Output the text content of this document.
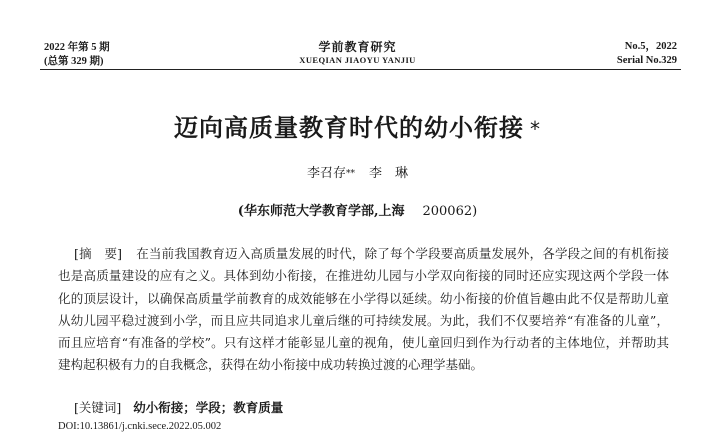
2022 年第 5 期
(总第 329 期)
学前教育研究
XUEQIAN JIAOYU YANJIU
No.5，2022
Serial No.329
迈向高质量教育时代的幼小衔接 *
李召存** 李　琳
(华东师范大学教育学部,上海 200062)

[摘　要] 在当前我国教育迈入高质量发展的时代，除了每个学段要高质量发展外，各学段之间的有机衔接也是高质量建设的应有之义。具体到幼小衔接，在推进幼儿园与小学双向衔接的同时还应实现这两个学段一体化的顶层设计，以确保高质量学前教育的成效能够在小学得以延续。幼小衔接的价值旨趣由此不仅是帮助儿童从幼儿园平稳过渡到小学，而且应共同追求儿童后继的可持续发展。为此，我们不仅要培养“有准备的儿童”，而且应培育“有准备的学校”。只有这样才能彰显儿童的视角，使儿童回归到作为行动者的主体地位，并帮助其建构起积极有力的自我概念，获得在幼小衔接中成功转换过渡的心理学基础。

[关键词] 幼小衔接；学段；教育质量
DOI:10.13861/j.cnki.sece.2022.05.002
